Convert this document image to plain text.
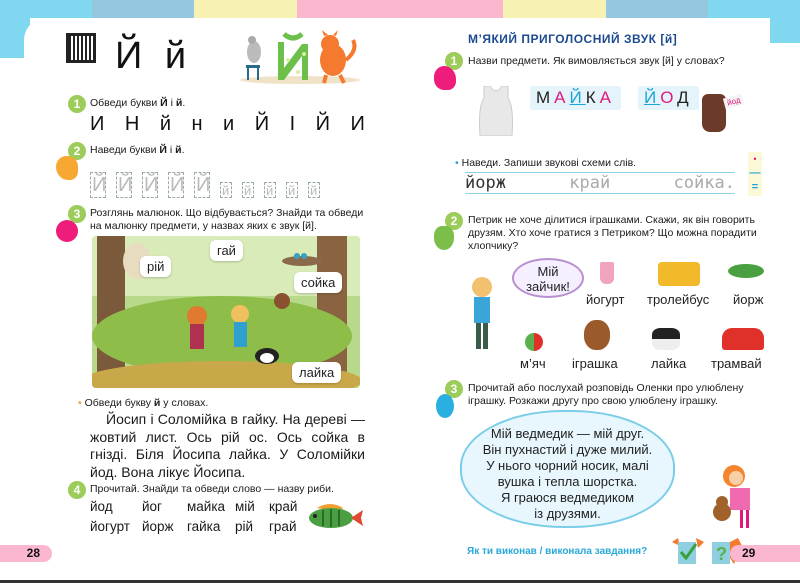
Й й
1 Обведи букви Й і й.
И Н й н и Й І Й И
2 Наведи букви Й і й.
Й Й Й Й Й й й й й й
3 Розглянь малюнок. Що відбувається? Знайди та обведи на малюнку предмети, у назвах яких є звук [й].
рій
гай
сойка
лайка
• Обведи букву й у словах.
Йосип і Соломійка в гайку. На дереві — жовтий лист. Ось рій ос. Ось сойка в гнізді. Біля Йосипа лайка. У Соломійки йод. Вона лікує Йосипа.
4 Прочитай. Знайди та обведи слово — назву риби.
йод	йог	майка мій	край
йогурт йорж гайка	рій	грай
28
М’ЯКИЙ ПРИГОЛОСНИЙ ЗВУК [й]
1	Назви предмети. Як вимовляється звук [й] у словах?
МАЙКА	ЙОД	йод
• Наведи. Запиши звукові схеми слів.
йорж	край	сойка.
•
—
=
2	Петрик не хоче ділитися іграшками. Скажи, як він говорить друзям. Хто хоче гратися з Петриком? Що можна порадити хлопчику?
Мій зайчик!
йогурт тролейбус йорж
м’яч іграшка	лайка трамвай
3	Прочитай або послухай розповідь Оленки про улюблену іграшку. Розкажи другу про свою улюблену іграшку.
Мій ведмедик — мій друг.
Він пухнастий і дуже милий.
У нього чорний носик, малі
вушка і тепла шорстка.
Я граюся ведмедиком
із друзями.
Як ти виконав / виконала завдання?	?	29
